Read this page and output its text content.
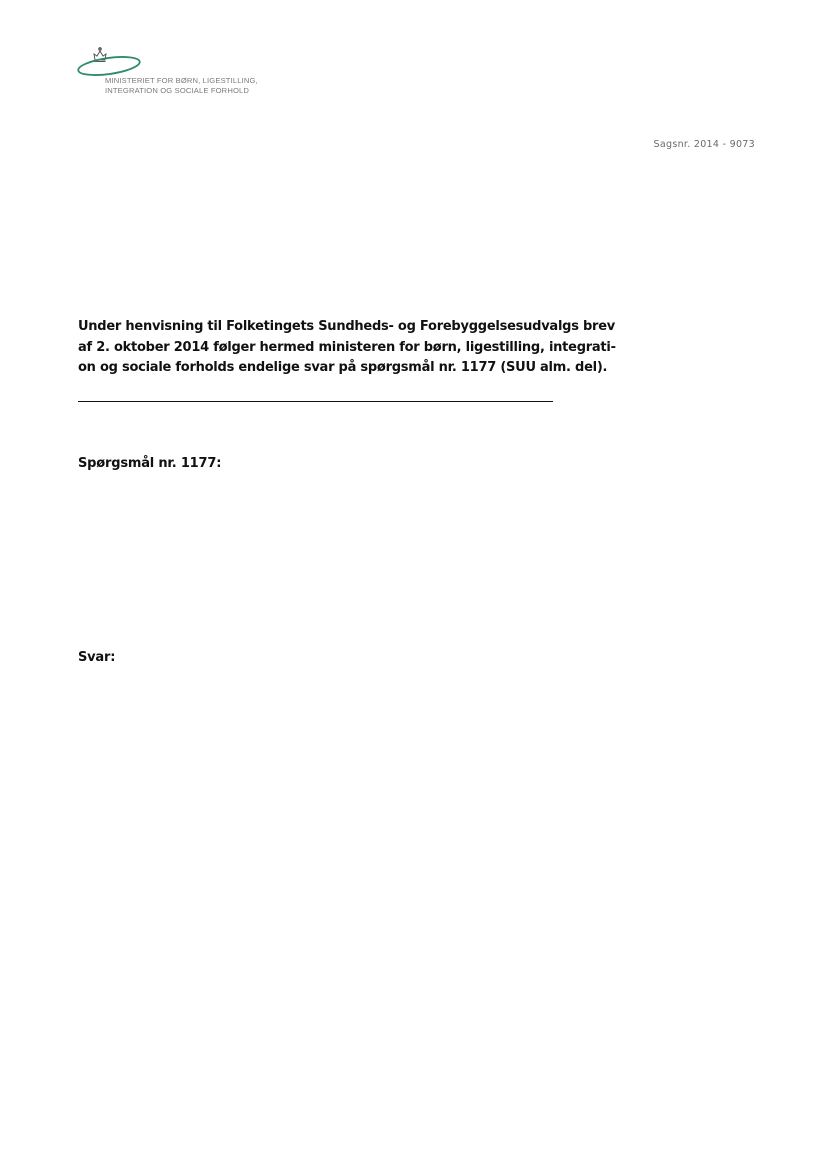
MINISTERIET FOR BØRN, LIGESTILLING,
INTEGRATION OG SOCIALE FORHOLD
Sagsnr. 2014 - 9073
Under henvisning til Folketingets Sundheds- og Forebyggelsesudvalgs brev
af 2. oktober 2014 følger hermed ministeren for børn, ligestilling, integrati-
on og sociale forholds endelige svar på spørgsmål nr. 1177 (SUU alm. del).
Spørgsmål nr. 1177:
Svar:
